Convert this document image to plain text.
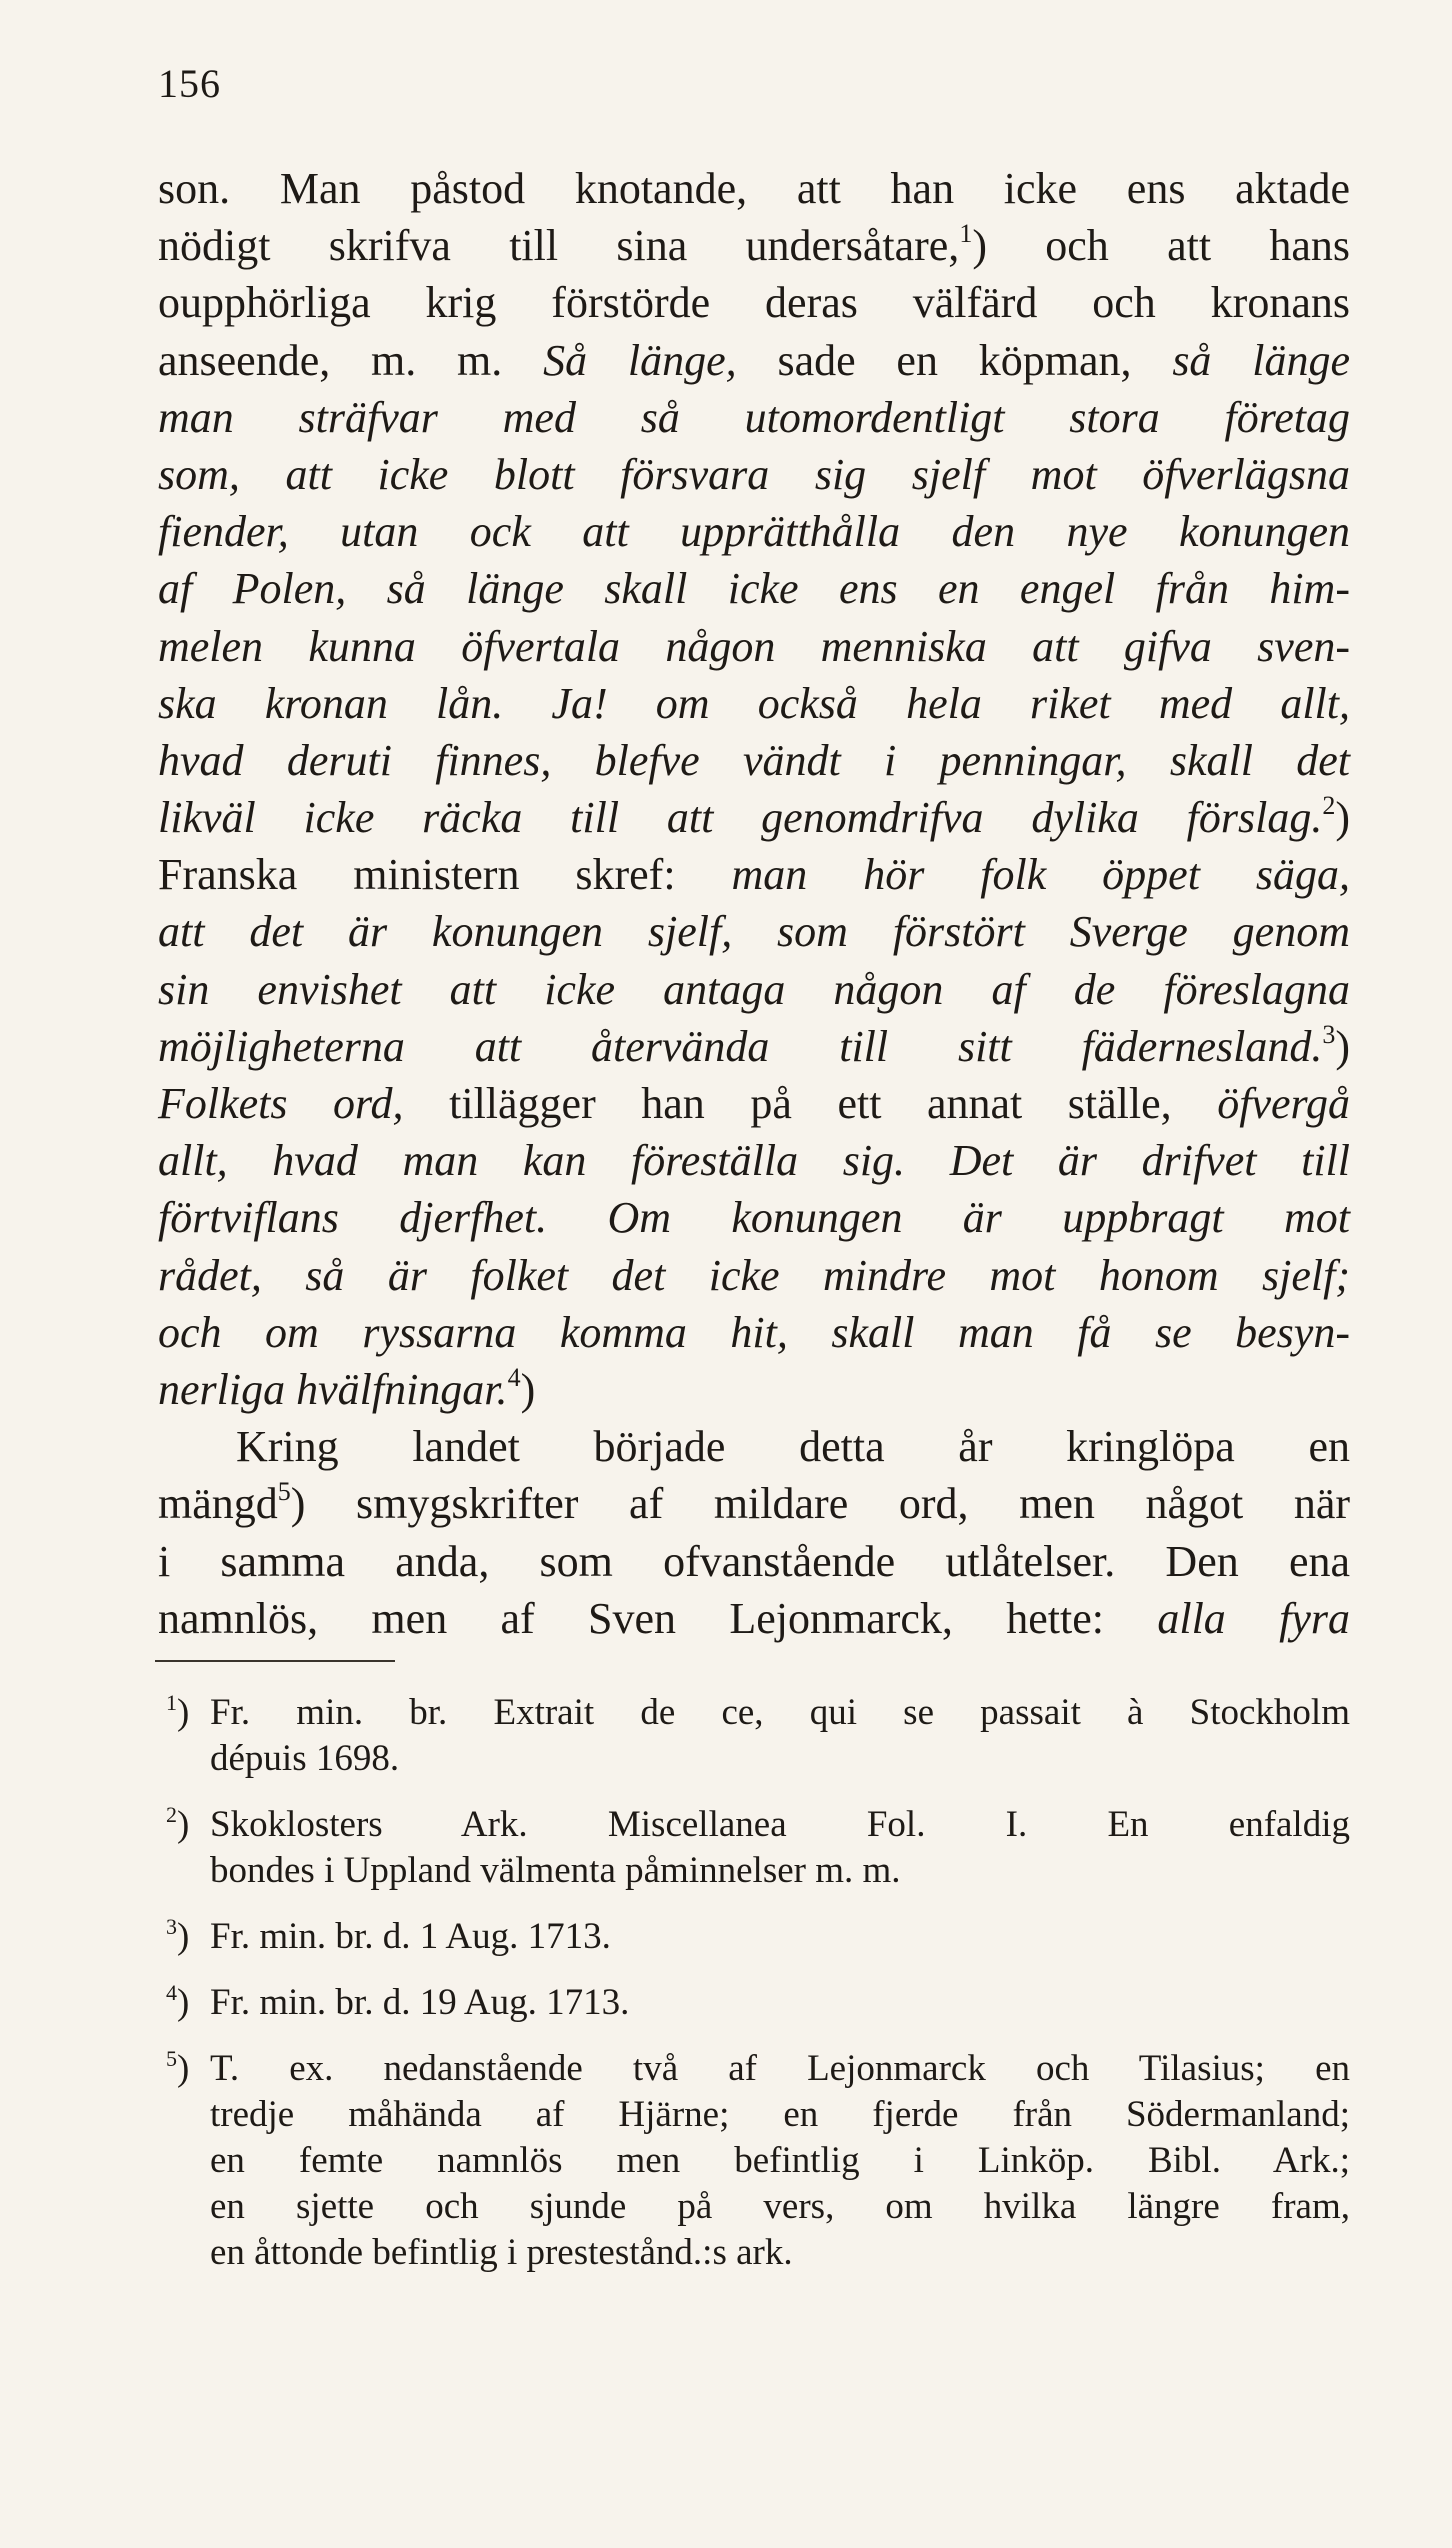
156
son. Man påstod knotande, att han icke ens aktade
nödigt skrifva till sina undersåtare,$^1$) och att hans
oupphörliga krig förstörde deras välfärd och kronans
anseende, m. m. Så länge, sade en köpman, så länge
man sträfvar med så utomordentligt stora företag
som, att icke blott försvara sig sjelf mot öfverlägsna
fiender, utan ock att upprätthålla den nye konungen
af Polen, så länge skall icke ens en engel från him-
melen kunna öfvertala någon menniska att gifva sven-
ska kronan lån. Ja! om också hela riket med allt,
hvad deruti finnes, blefve vändt i penningar, skall det
likväl icke räcka till att genomdrifva dylika förslag.$^2$)
Franska ministern skref: man hör folk öppet säga,
att det är konungen sjelf, som förstört Sverge genom
sin envishet att icke antaga någon af de föreslagna
möjligheterna att återvända till sitt fädernesland.$^3$)
Folkets ord, tillägger han på ett annat ställe, öfvergå
allt, hvad man kan föreställa sig. Det är drifvet till
förtviflans djerfhet. Om konungen är uppbragt mot
rådet, så är folket det icke mindre mot honom sjelf;
och om ryssarna komma hit, skall man få se besyn-
nerliga hvälfningar.$^4$)
Kring landet började detta år kringlöpa en
mängd$^5$) smygskrifter af mildare ord, men något när
i samma anda, som ofvanstående utlåtelser. Den ena
namnlös, men af Sven Lejonmarck, hette: alla fyra
$^1$) Fr. min. br. Extrait de ce, qui se passait à Stockholm
dépuis 1698.
$^2$) Skoklosters Ark. Miscellanea Fol. I. En enfaldig
bondes i Uppland välmenta påminnelser m. m.
$^3$) Fr. min. br. d. 1 Aug. 1713.
$^4$) Fr. min. br. d. 19 Aug. 1713.
$^5$) T. ex. nedanstående två af Lejonmarck och Tilasius; en
tredje måhända af Hjärne; en fjerde från Södermanland;
en femte namnlös men befintlig i Linköp. Bibl. Ark.;
en sjette och sjunde på vers, om hvilka längre fram,
en åttonde befintlig i prestestånd.:s ark.
